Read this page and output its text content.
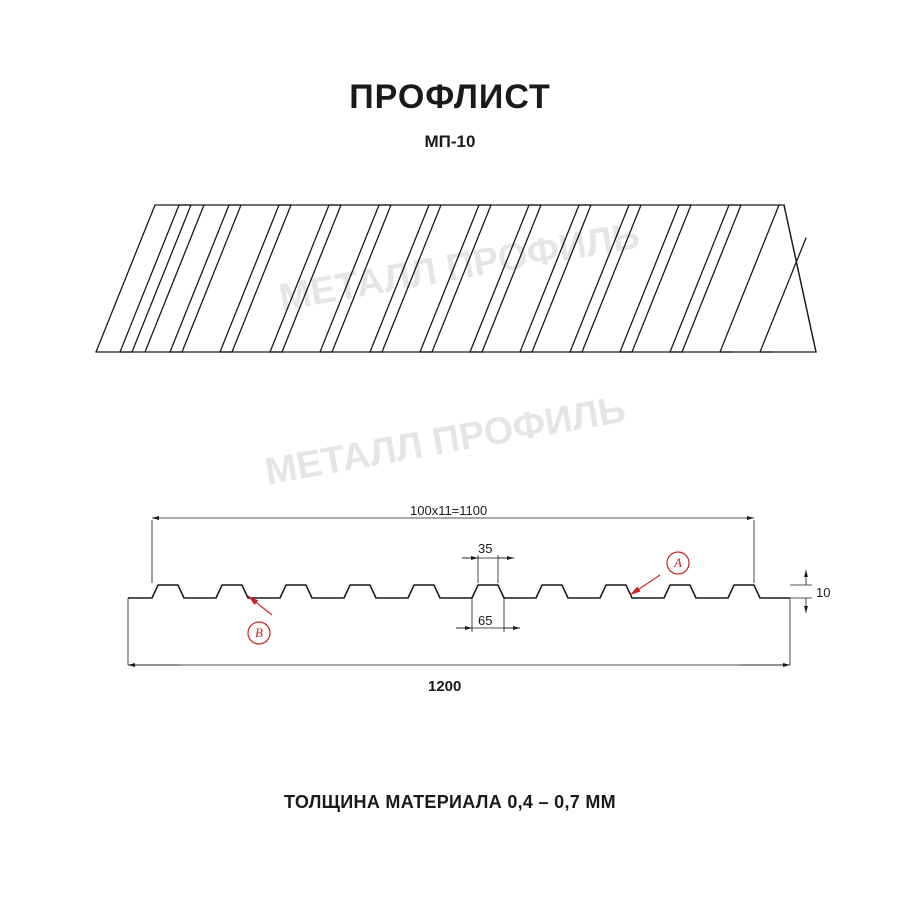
МЕТАЛЛ ПРОФИЛЬ
МЕТАЛЛ ПРОФИЛЬ
ПРОФЛИСТ
МП-10
100x11=1100
35
65
10
1200
A
B
ТОЛЩИНА МАТЕРИАЛА 0,4 – 0,7 ММ
